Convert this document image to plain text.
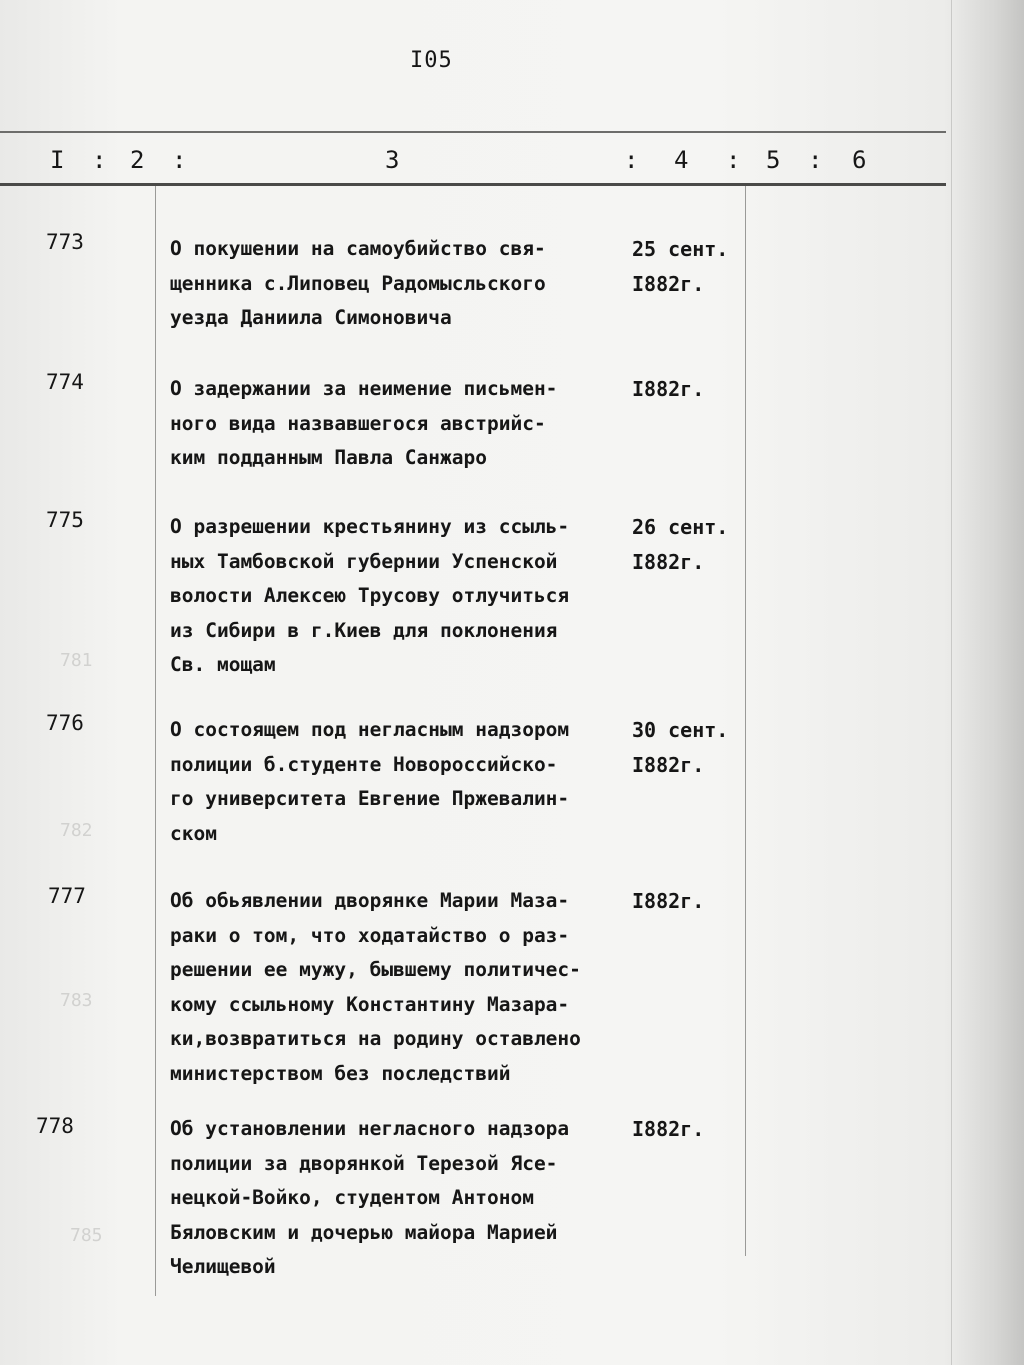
I05
I : 2 :	3	: 4 : 5 : 6
781
782
783
785
773	О покушении на самоубийство свя-
щенника с.Липовец Радомысльского
уезда Даниила Симоновича
25 сент.
I882г.
774	О задержании за неимение письмен-
ного вида назвавшегося австрийс-
ким подданным Павла Санжаро
I882г.
775	О разрешении крестьянину из ссыль-
ных Тамбовской губернии Успенской
волости Алексею Трусову отлучиться
из Сибири в г.Киев для поклонения
Св. мощам
26 сент.
I882г.
776	О состоящем под негласным надзором
полиции б.студенте Новороссийско-
го университета Евгение Пржевалин-
ском
30 сент.
I882г.
777	Об обьявлении дворянке Марии Маза-
раки о том, что ходатайство о раз-
решении ее мужу, бывшему политичес-
кому ссыльному Константину Мазара-
ки,возвратиться на родину оставлено
министерством без последствий
I882г.
778	Об установлении негласного надзора
полиции за дворянкой Терезой Ясе-
нецкой-Войко, студентом Антоном
Бяловским и дочерью майора Марией
Челищевой
I882г.
